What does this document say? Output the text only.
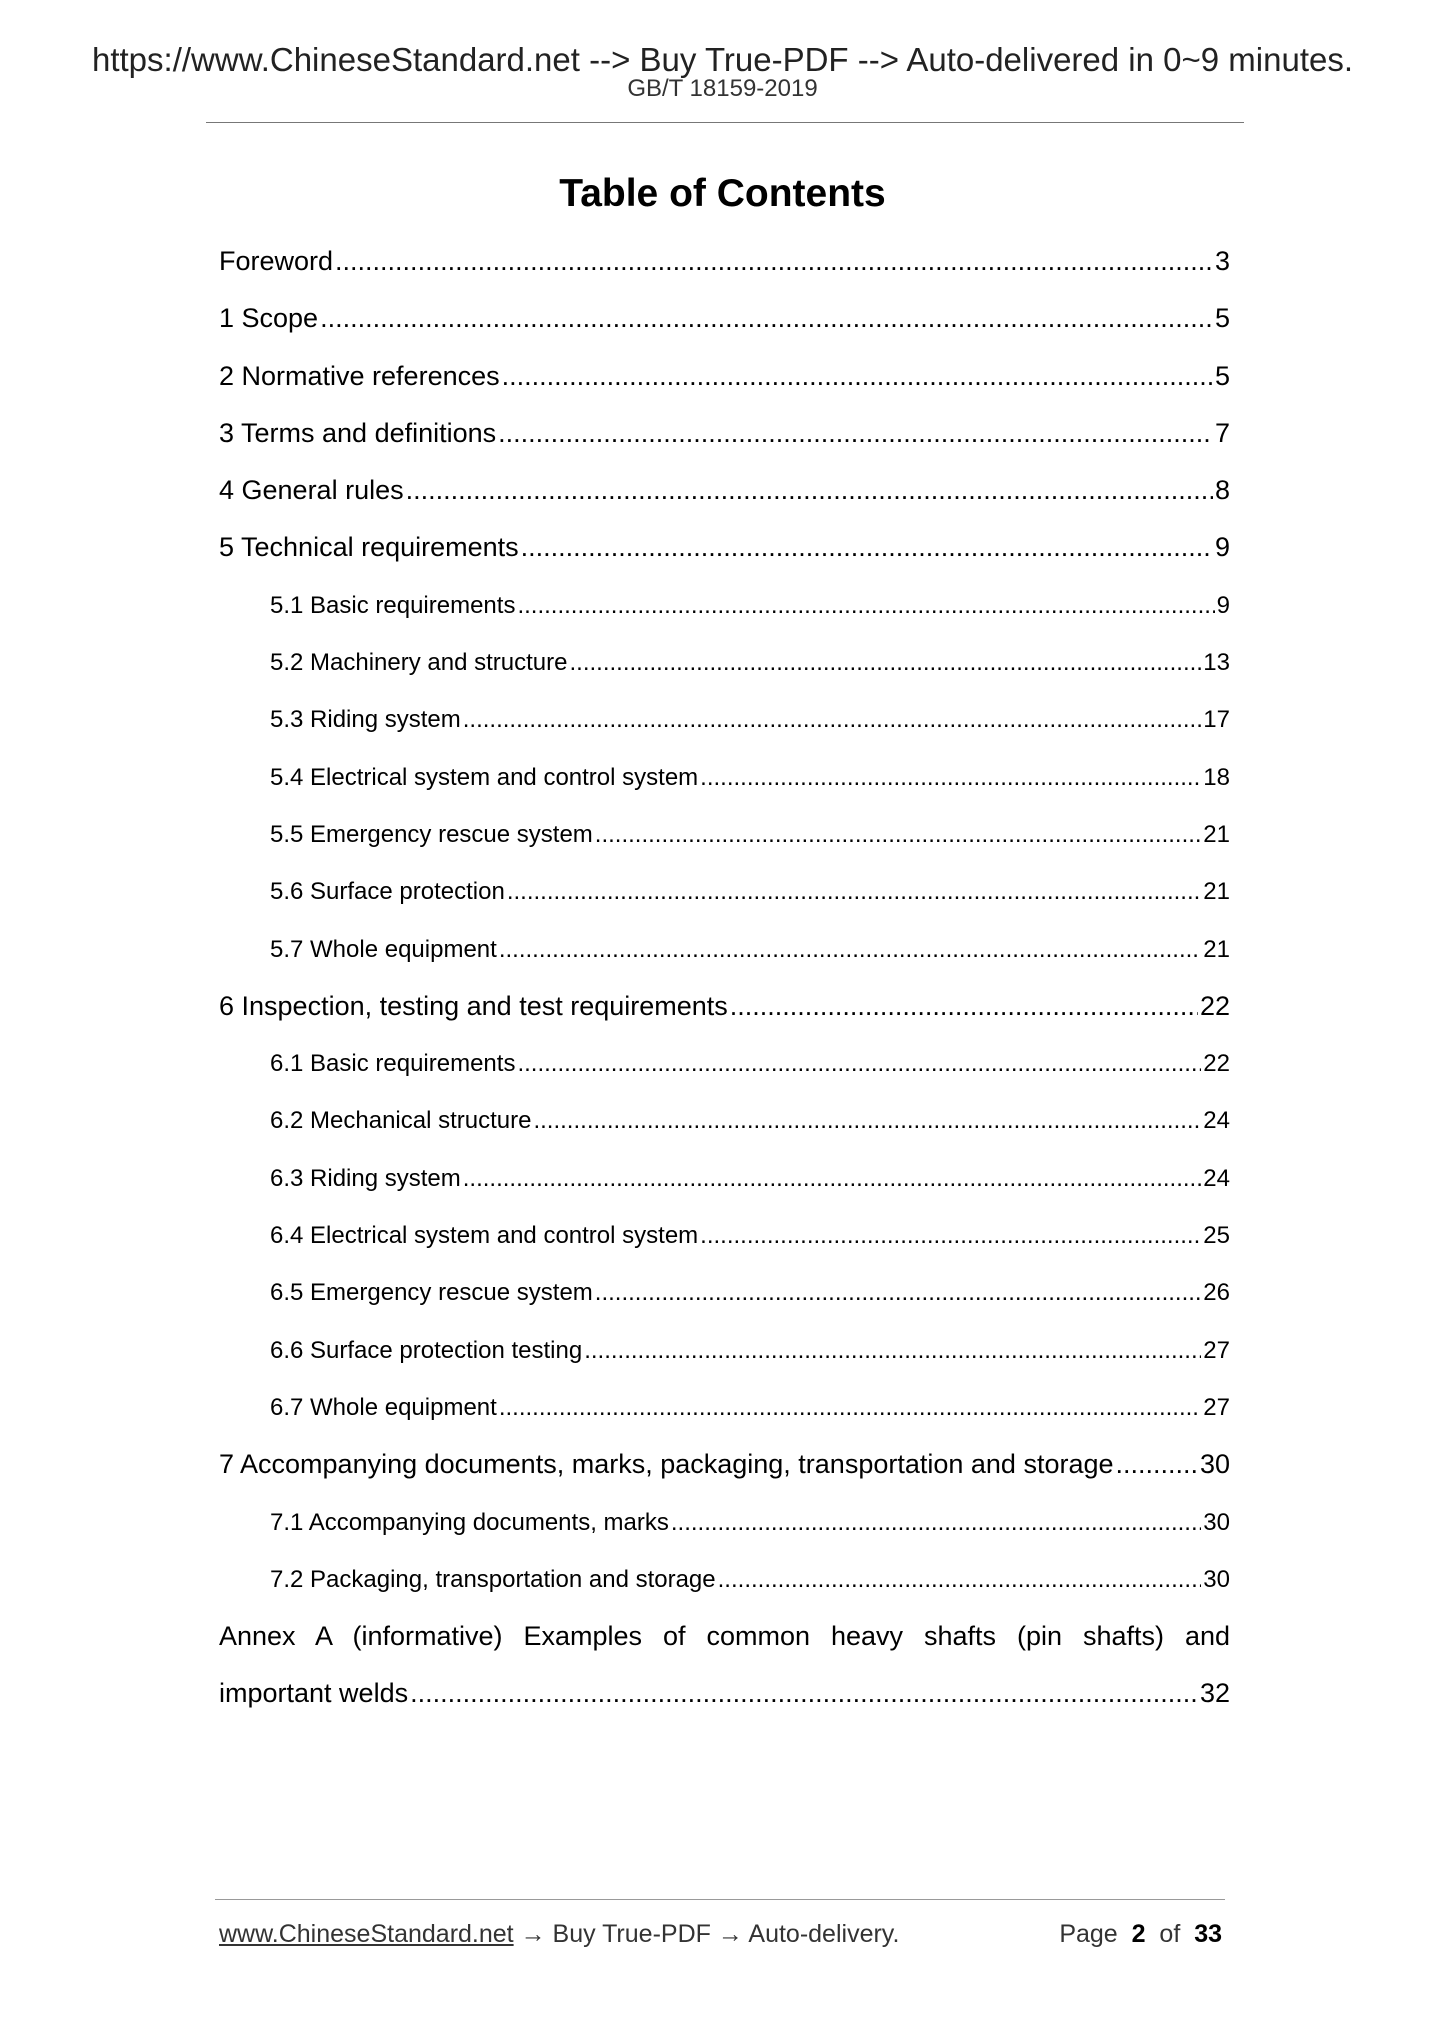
https://www.ChineseStandard.net --> Buy True-PDF --> Auto-delivered in 0~9 minutes.
GB/T 18159-2019
Table of Contents
Foreword .....	3
1 Scope .....	5
2 Normative references .....	5
3 Terms and definitions .....	7
4 General rules .....	8
5 Technical requirements .....	9
5.1 Basic requirements .....	9
5.2 Machinery and structure .....	13
5.3 Riding system .....	17
5.4 Electrical system and control system .....	18
5.5 Emergency rescue system .....	21
5.6 Surface protection .....	21
5.7 Whole equipment .....	21
6 Inspection, testing and test requirements .....	22
6.1 Basic requirements .....	22
6.2 Mechanical structure .....	24
6.3 Riding system .....	24
6.4 Electrical system and control system .....	25
6.5 Emergency rescue system .....	26
6.6 Surface protection testing .....	27
6.7 Whole equipment .....	27
7 Accompanying documents, marks, packaging, transportation and storage .....	30
7.1 Accompanying documents, marks .....	30
7.2 Packaging, transportation and storage .....	30
Annex A (informative) Examples of common heavy shafts (pin shafts) and
important welds .....	32
www.ChineseStandard.net → Buy True-PDF → Auto-delivery.	Page 2 of 33
